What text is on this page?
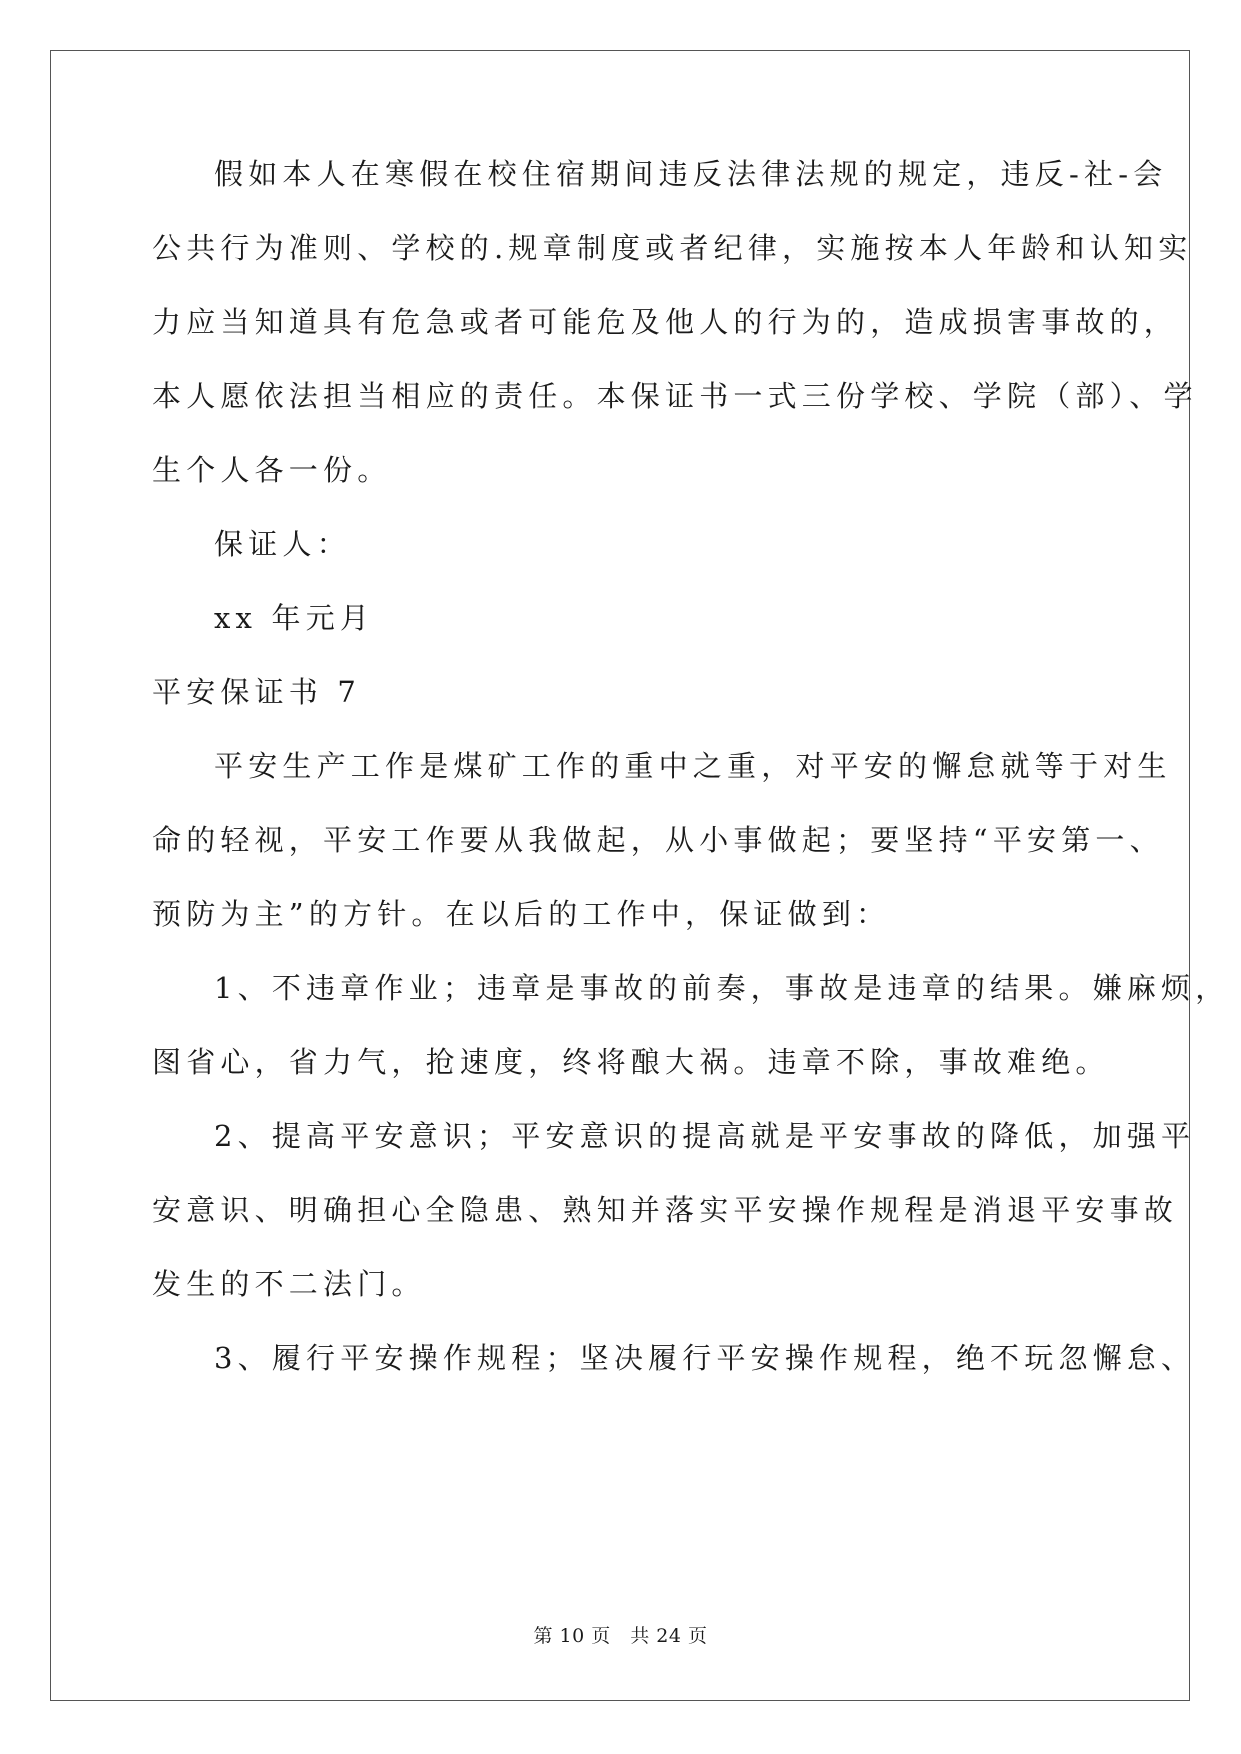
假如本人在寒假在校住宿期间违反法律法规的规定，违反-社-会
公共行为准则、学校的.规章制度或者纪律，实施按本人年龄和认知实
力应当知道具有危急或者可能危及他人的行为的，造成损害事故的，
本人愿依法担当相应的责任。本保证书一式三份学校、学院（部）、学
生个人各一份。
保证人：
xx 年元月
平安保证书 7
平安生产工作是煤矿工作的重中之重，对平安的懈怠就等于对生
命的轻视，平安工作要从我做起，从小事做起；要坚持“平安第一、
预防为主”的方针。在以后的工作中，保证做到：
1、不违章作业；违章是事故的前奏，事故是违章的结果。嫌麻烦，
图省心，省力气，抢速度，终将酿大祸。违章不除，事故难绝。
2、提高平安意识；平安意识的提高就是平安事故的降低，加强平
安意识、明确担心全隐患、熟知并落实平安操作规程是消退平安事故
发生的不二法门。
3、履行平安操作规程；坚决履行平安操作规程，绝不玩忽懈怠、
第 10 页　共 24 页
